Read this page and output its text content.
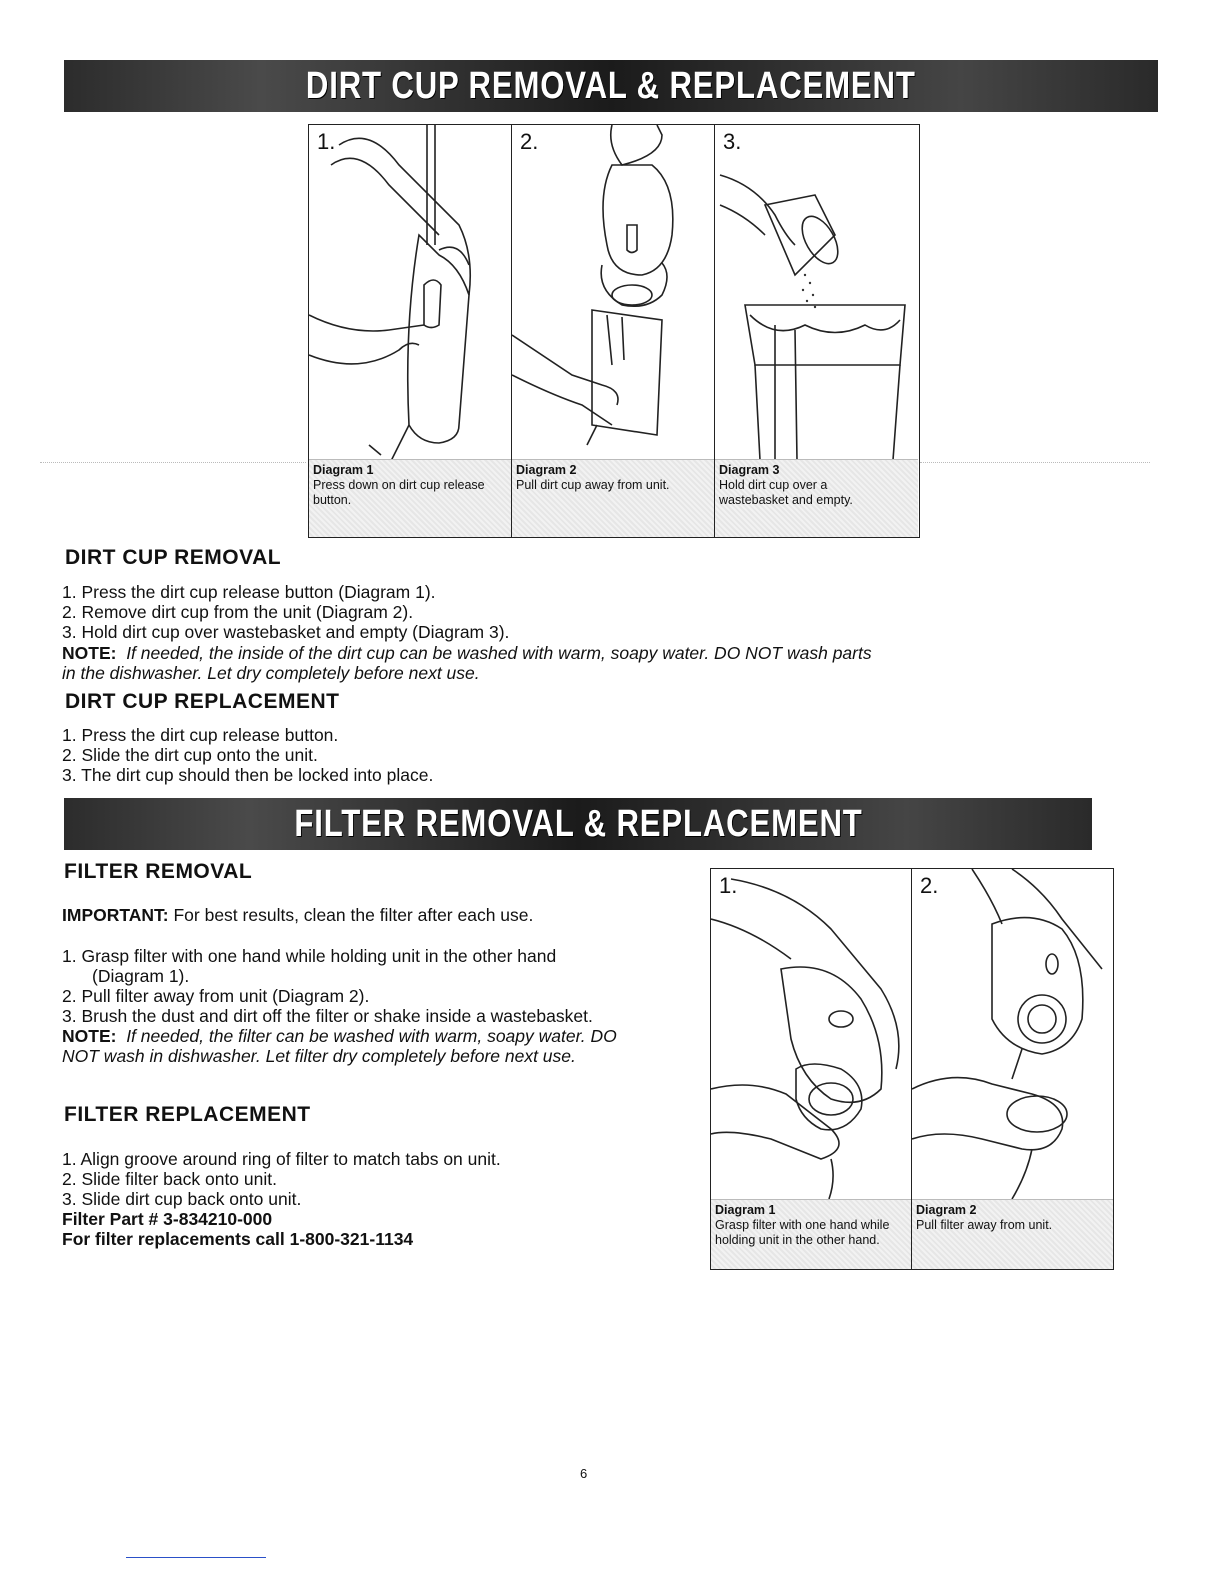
DIRT CUP REMOVAL & REPLACEMENT
1.
Diagram 1
Press down on dirt cup release
button.
2.
Diagram 2
Pull dirt cup away from unit.
3.
Diagram 3
Hold dirt cup over a
wastebasket and empty.
DIRT CUP REMOVAL
1. Press the dirt cup release button (Diagram 1).
2. Remove dirt cup from the unit (Diagram 2).
3. Hold dirt cup over wastebasket and empty (Diagram 3).
NOTE: If needed, the inside of the dirt cup can be washed with warm, soapy water. DO NOT wash parts
in the dishwasher. Let dry completely before next use.
DIRT CUP REPLACEMENT
1. Press the dirt cup release button.
2. Slide the dirt cup onto the unit.
3. The dirt cup should then be locked into place.
FILTER REMOVAL & REPLACEMENT
FILTER REMOVAL
IMPORTANT: For best results, clean the filter after each use.
1. Grasp filter with one hand while holding unit in the other hand
(Diagram 1).
2. Pull filter away from unit (Diagram 2).
3. Brush the dust and dirt off the filter or shake inside a wastebasket.
NOTE: If needed, the filter can be washed with warm, soapy water. DO
NOT wash in dishwasher. Let filter dry completely before next use.
FILTER REPLACEMENT
1. Align groove around ring of filter to match tabs on unit.
2. Slide filter back onto unit.
3. Slide dirt cup back onto unit.
Filter Part # 3-834210-000
For filter replacements call 1-800-321-1134
1.
Diagram 1
Grasp filter with one hand while
holding unit in the other hand.
2.
Diagram 2
Pull filter away from unit.
6
